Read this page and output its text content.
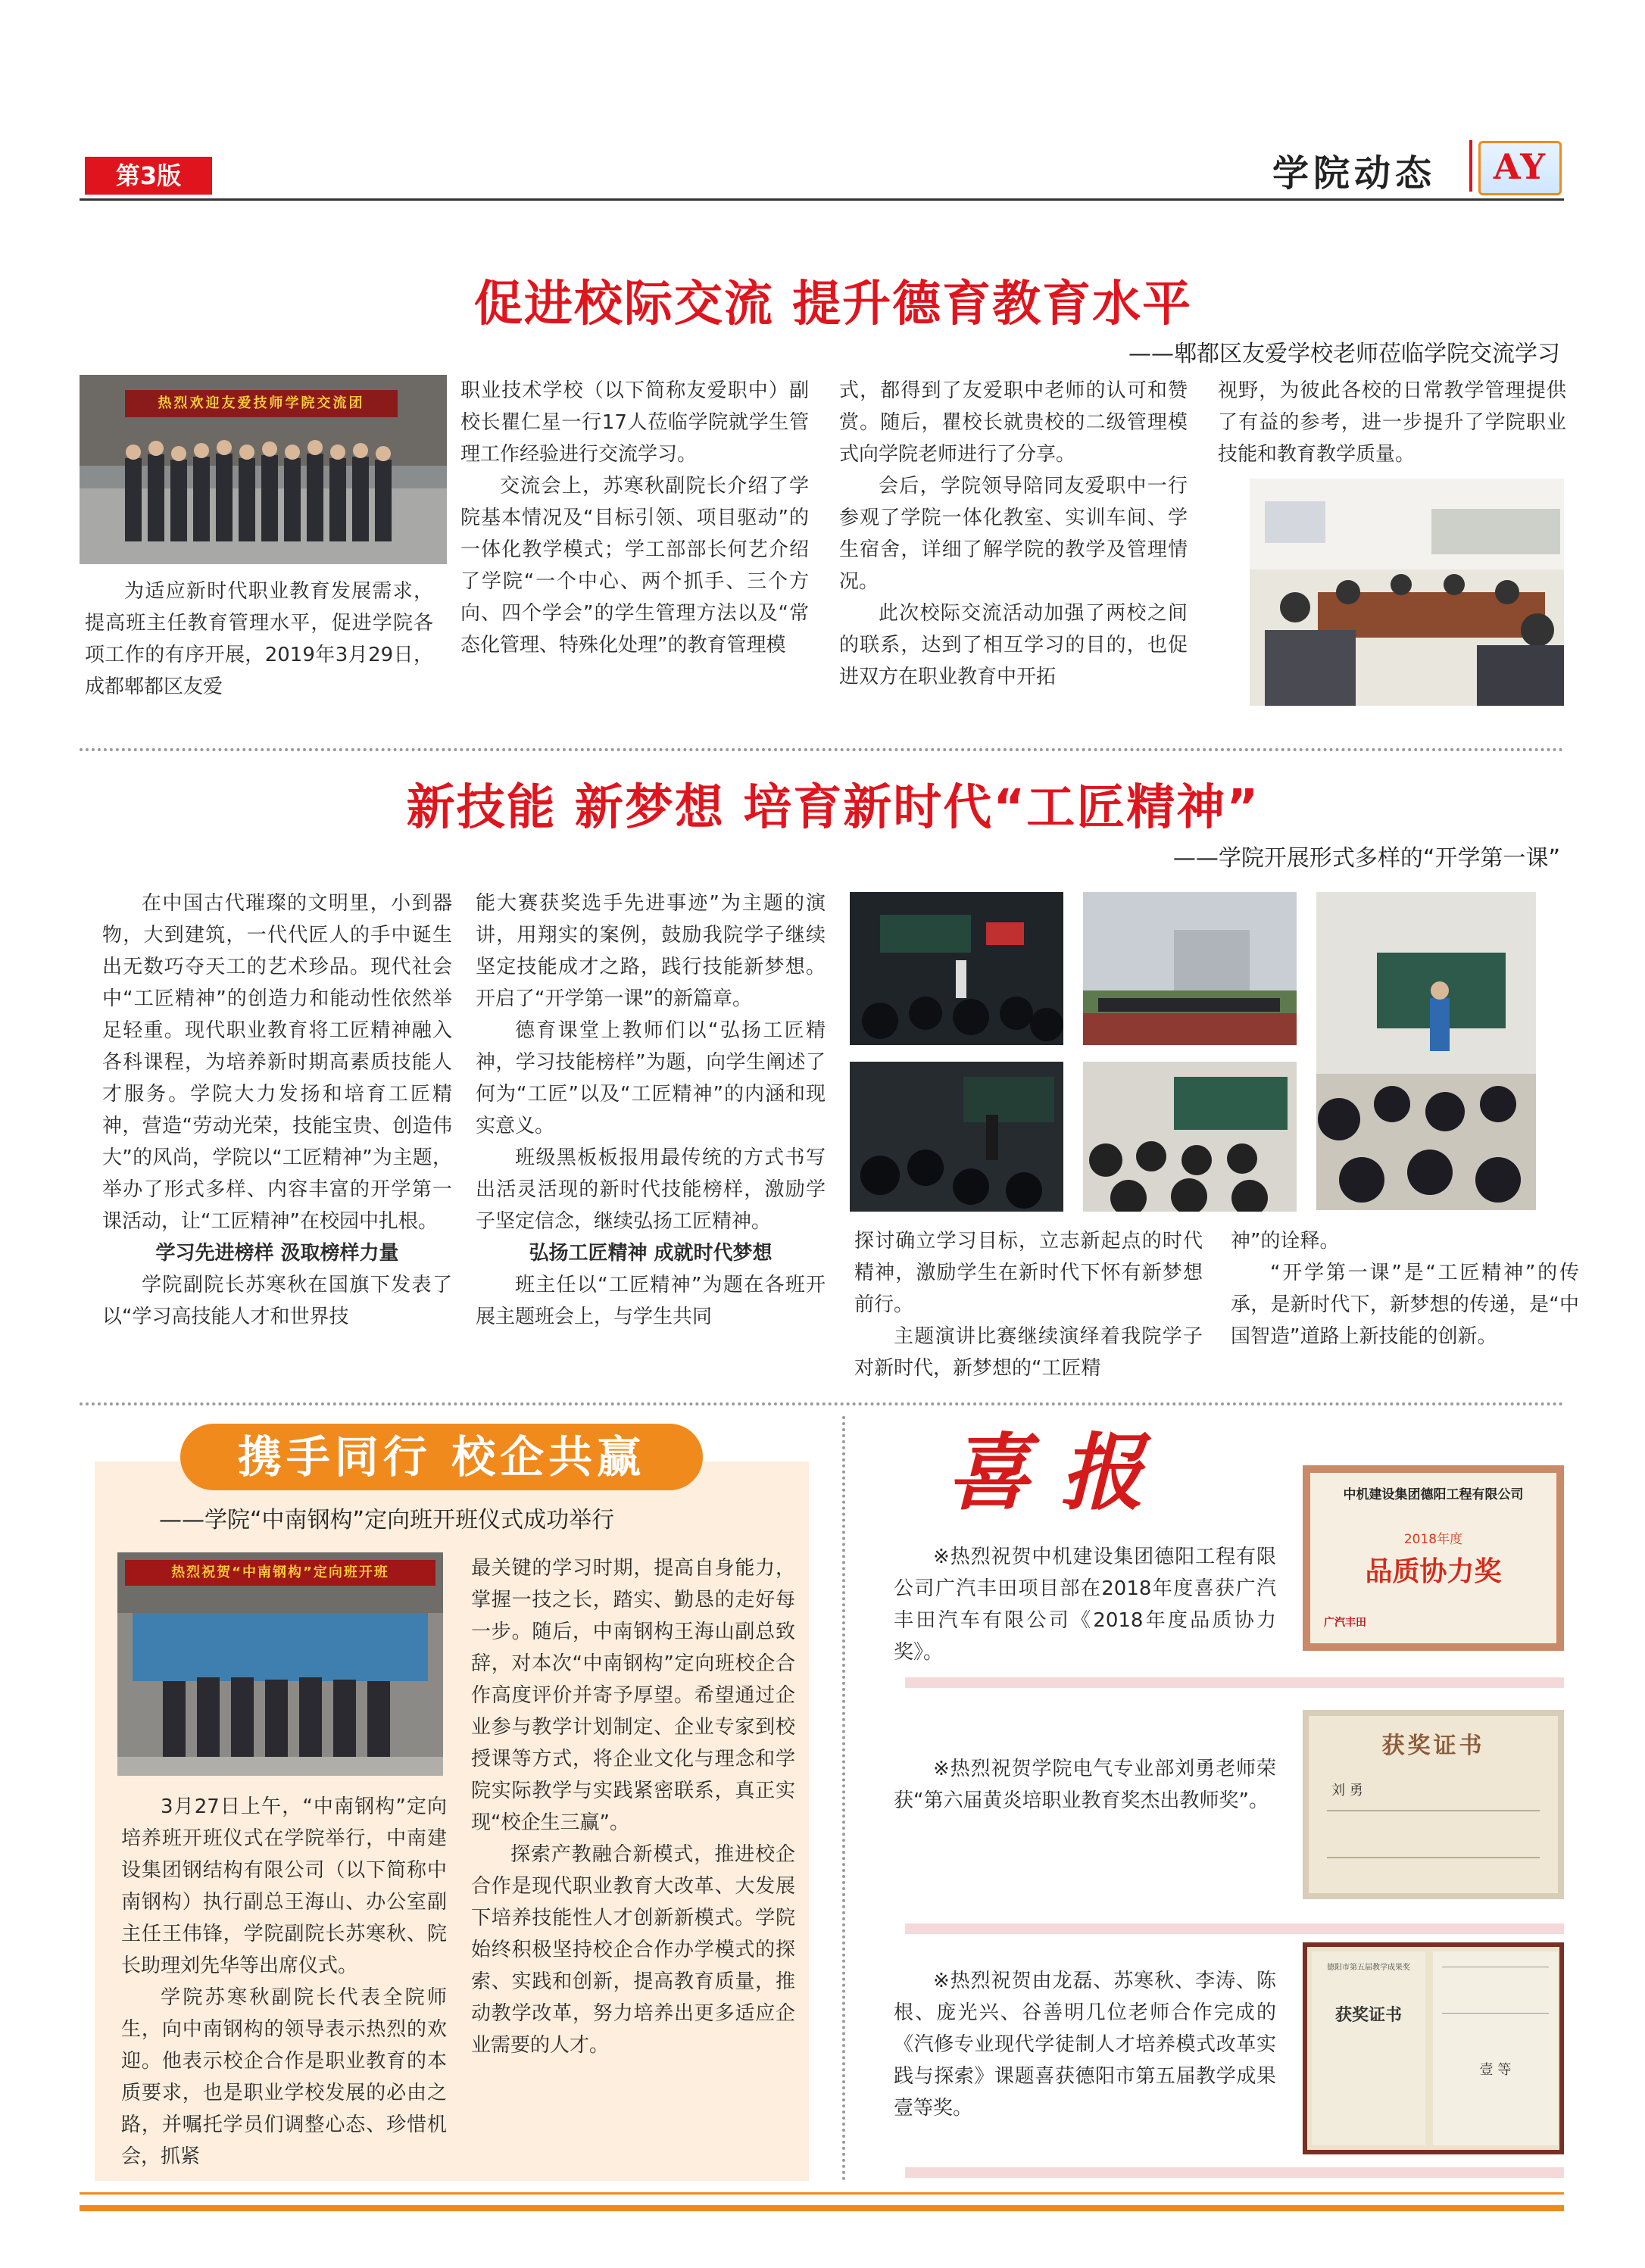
第3版	学院动态	AY
促进校际交流 提升德育教育水平
——郫都区友爱学校老师莅临学院交流学习
热烈欢迎友爱技师学院交流团

为适应新时代职业教育发展需求，提高班主任教育管理水平，促进学院各项工作的有序开展，2019年3月29日，成都郫都区友爱

职业技术学校（以下简称友爱职中）副校长瞿仁星一行17人莅临学院就学生管理工作经验进行交流学习。

交流会上，苏寒秋副院长介绍了学院基本情况及“目标引领、项目驱动”的一体化教学模式；学工部部长何艺介绍了学院“一个中心、两个抓手、三个方向、四个学会”的学生管理方法以及“常态化管理、特殊化处理”的教育管理模

式，都得到了友爱职中老师的认可和赞赏。随后，瞿校长就贵校的二级管理模式向学院老师进行了分享。

会后，学院领导陪同友爱职中一行参观了学院一体化教室、实训车间、学生宿舍，详细了解学院的教学及管理情况。

此次校际交流活动加强了两校之间的联系，达到了相互学习的目的，也促进双方在职业教育中开拓

视野，为彼此各校的日常教学管理提供了有益的参考，进一步提升了学院职业技能和教育教学质量。

新技能 新梦想 培育新时代“工匠精神”
——学院开展形式多样的“开学第一课”

在中国古代璀璨的文明里，小到器物，大到建筑，一代代匠人的手中诞生出无数巧夺天工的艺术珍品。现代社会中“工匠精神”的创造力和能动性依然举足轻重。现代职业教育将工匠精神融入各科课程，为培养新时期高素质技能人才服务。学院大力发扬和培育工匠精神，营造“劳动光荣，技能宝贵、创造伟大”的风尚，学院以“工匠精神”为主题，举办了形式多样、内容丰富的开学第一课活动，让“工匠精神”在校园中扎根。

学习先进榜样 汲取榜样力量

学院副院长苏寒秋在国旗下发表了以“学习高技能人才和世界技

能大赛获奖选手先进事迹”为主题的演讲，用翔实的案例，鼓励我院学子继续坚定技能成才之路，践行技能新梦想。开启了“开学第一课”的新篇章。

德育课堂上教师们以“弘扬工匠精神，学习技能榜样”为题，向学生阐述了何为“工匠”以及“工匠精神”的内涵和现实意义。

班级黑板板报用最传统的方式书写出活灵活现的新时代技能榜样，激励学子坚定信念，继续弘扬工匠精神。

弘扬工匠精神 成就时代梦想

班主任以“工匠精神”为题在各班开展主题班会上，与学生共同

探讨确立学习目标，立志新起点的时代精神，激励学生在新时代下怀有新梦想前行。

主题演讲比赛继续演绎着我院学子对新时代，新梦想的“工匠精

神”的诠释。

“开学第一课”是“工匠精神”的传承，是新时代下，新梦想的传递，是“中国智造”道路上新技能的创新。

携手同行 校企共赢
——学院“中南钢构”定向班开班仪式成功举行
热烈祝贺“中南钢构”定向班开班

3月27日上午，“中南钢构”定向培养班开班仪式在学院举行，中南建设集团钢结构有限公司（以下简称中南钢构）执行副总王海山、办公室副主任王伟锋，学院副院长苏寒秋、院长助理刘先华等出席仪式。

学院苏寒秋副院长代表全院师生，向中南钢构的领导表示热烈的欢迎。他表示校企合作是职业教育的本质要求，也是职业学校发展的必由之路，并嘱托学员们调整心态、珍惜机会，抓紧

最关键的学习时期，提高自身能力，掌握一技之长，踏实、勤恳的走好每一步。随后，中南钢构王海山副总致辞，对本次“中南钢构”定向班校企合作高度评价并寄予厚望。希望通过企业参与教学计划制定、企业专家到校授课等方式，将企业文化与理念和学院实际教学与实践紧密联系，真正实现“校企生三赢”。

探索产教融合新模式，推进校企合作是现代职业教育大改革、大发展下培养技能性人才创新新模式。学院始终积极坚持校企合作办学模式的探索、实践和创新，提高教育质量，推动教学改革，努力培养出更多适应企业需要的人才。

喜报

※热烈祝贺中机建设集团德阳工程有限公司广汽丰田项目部在2018年度喜获广汽丰田汽车有限公司《2018年度品质协力奖》。

中机建设集团德阳工程有限公司
2018年度
品质协力奖
广汽丰田

※热烈祝贺学院电气专业部刘勇老师荣获“第六届黄炎培职业教育奖杰出教师奖”。

获奖证书
刘 勇

※热烈祝贺由龙磊、苏寒秋、李涛、陈根、庞光兴、谷善明几位老师合作完成的《汽修专业现代学徒制人才培养模式改革实践与探索》课题喜获德阳市第五届教学成果壹等奖。

德阳市第五届教学成果奖
获奖证书
壹 等
